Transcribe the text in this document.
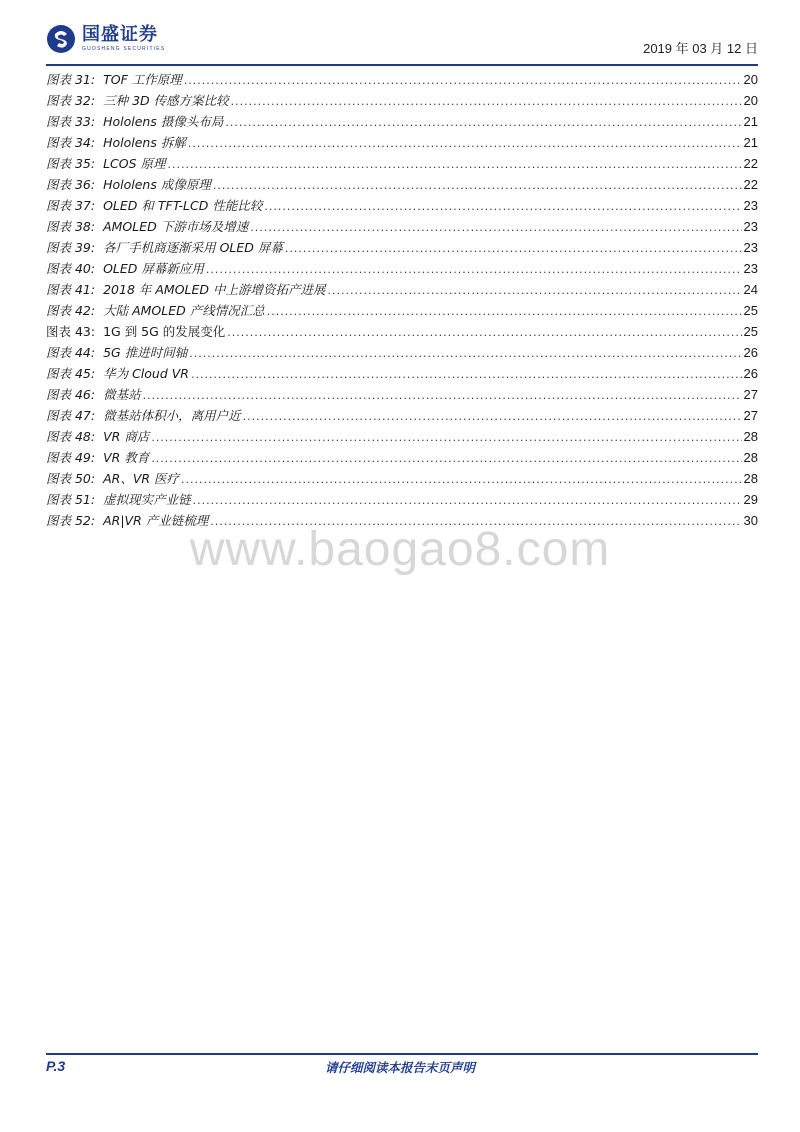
国盛证券
GUOSHENG SECURITIES	2019 年 03 月 12 日
图表 31: TOF 工作原理 .....	20
图表 32: 三种 3D 传感方案比较 .....	20
图表 33: Hololens 摄像头布局 .....	21
图表 34: Hololens 拆解 .....	21
图表 35: LCOS 原理 .....	22
图表 36: Hololens 成像原理 .....	22
图表 37: OLED 和 TFT-LCD 性能比较 .....	23
图表 38: AMOLED 下游市场及增速 .....	23
图表 39: 各厂手机商逐渐采用 OLED 屏幕 .....	23
图表 40: OLED 屏幕新应用 .....	23
图表 41: 2018 年 AMOLED 中上游增资拓产进展 .....	24
图表 42: 大陆 AMOLED 产线情况汇总 .....	25
图表 43: 1G 到 5G 的发展变化 .....	25
图表 44: 5G 推进时间轴 .....	26
图表 45: 华为 Cloud VR .....	26
图表 46: 微基站 .....	27
图表 47: 微基站体积小，离用户近 .....	27
图表 48: VR 商店 .....	28
图表 49: VR 教育 .....	28
图表 50: AR、VR 医疗 .....	28
图表 51: 虚拟现实产业链 .....	29
图表 52: AR|VR 产业链梳理 .....	30
www.baogao8.com
P.3	请仔细阅读本报告末页声明
